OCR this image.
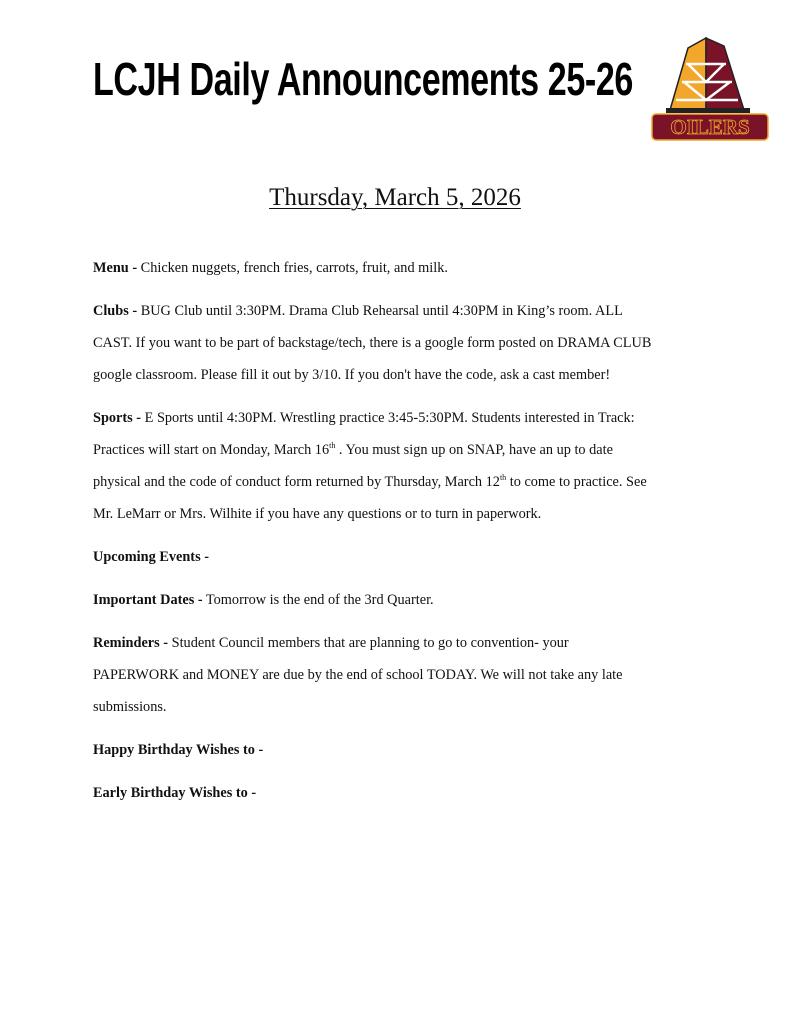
LCJH Daily Announcements 25-26
OILERS
Thursday, March 5, 2026
Menu - Chicken nuggets, french fries, carrots, fruit, and milk.
Clubs - BUG Club until 3:30PM. Drama Club Rehearsal until 4:30PM in King’s room. ALL
CAST. If you want to be part of backstage/tech, there is a google form posted on DRAMA CLUB
google classroom. Please fill it out by 3/10. If you don't have the code, ask a cast member!
Sports - E Sports until 4:30PM. Wrestling practice 3:45-5:30PM. Students interested in Track:
Practices will start on Monday, March 16th . You must sign up on SNAP, have an up to date
physical and the code of conduct form returned by Thursday, March 12th to come to practice. See
Mr. LeMarr or Mrs. Wilhite if you have any questions or to turn in paperwork.
Upcoming Events -
Important Dates - Tomorrow is the end of the 3rd Quarter.
Reminders - Student Council members that are planning to go to convention- your
PAPERWORK and MONEY are due by the end of school TODAY. We will not take any late
submissions.
Happy Birthday Wishes to -
Early Birthday Wishes to -
